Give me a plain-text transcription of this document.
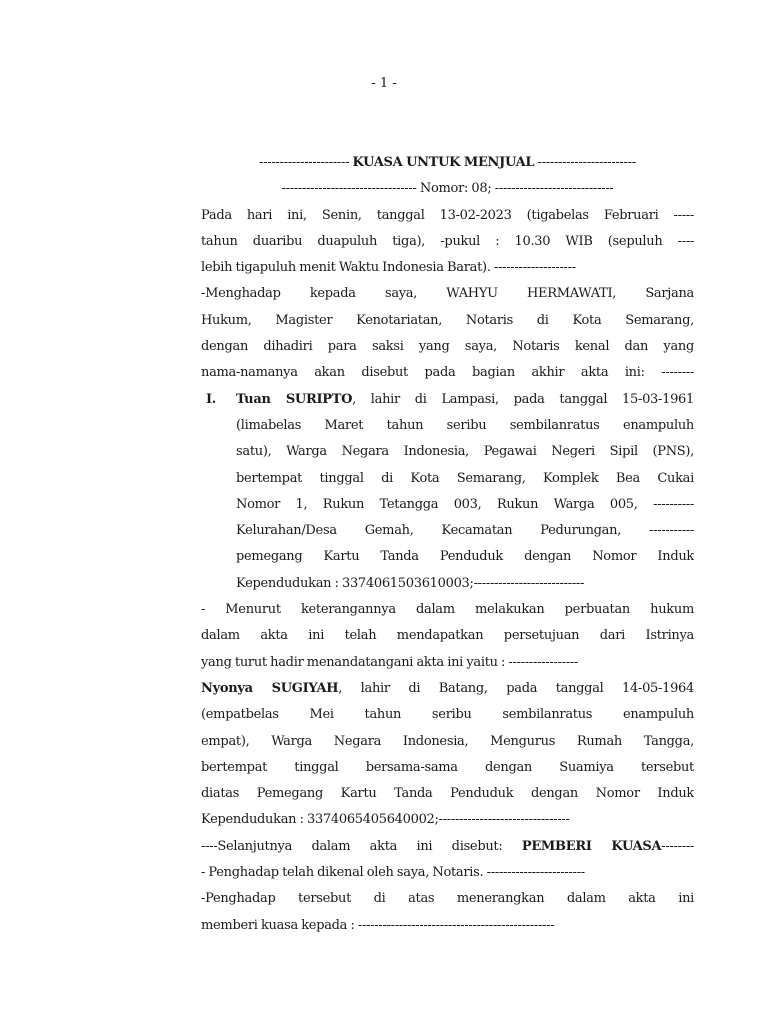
- 1 -
---------------------- KUASA UNTUK MENJUAL ------------------------
--------------------------------- Nomor: 08; -----------------------------
Pada hari ini, Senin, tanggal 13-02-2023 (tigabelas Februari -----
tahun duaribu duapuluh tiga), -pukul : 10.30 WIB (sepuluh ----
lebih tigapuluh menit Waktu Indonesia Barat). --------------------
-Menghadap kepada saya, WAHYU HERMAWATI, Sarjana
Hukum, Magister Kenotariatan, Notaris di Kota Semarang,
dengan dihadiri para saksi yang saya, Notaris kenal dan yang
nama-namanya akan disebut pada bagian akhir akta ini: --------
I. Tuan SURIPTO, lahir di Lampasi, pada tanggal 15-03-1961
(limabelas Maret tahun seribu sembilanratus enampuluh
satu), Warga Negara Indonesia, Pegawai Negeri Sipil (PNS),
bertempat tinggal di Kota Semarang, Komplek Bea Cukai
Nomor 1, Rukun Tetangga 003, Rukun Warga 005, ----------
Kelurahan/Desa Gemah, Kecamatan Pedurungan, -----------
pemegang Kartu Tanda Penduduk dengan Nomor Induk
Kependudukan : 3374061503610003;---------------------------
- Menurut keterangannya dalam melakukan perbuatan hukum
dalam akta ini telah mendapatkan persetujuan dari Istrinya
yang turut hadir menandatangani akta ini yaitu : -----------------
Nyonya SUGIYAH, lahir di Batang, pada tanggal 14-05-1964
(empatbelas Mei tahun seribu sembilanratus enampuluh
empat), Warga Negara Indonesia, Mengurus Rumah Tangga,
bertempat tinggal bersama-sama dengan Suamiya tersebut
diatas Pemegang Kartu Tanda Penduduk dengan Nomor Induk
Kependudukan : 3374065405640002;--------------------------------
----Selanjutnya dalam akta ini disebut: PEMBERI KUASA--------
- Penghadap telah dikenal oleh saya, Notaris. ------------------------
-Penghadap tersebut di atas menerangkan dalam akta ini
memberi kuasa kepada : ------------------------------------------------
